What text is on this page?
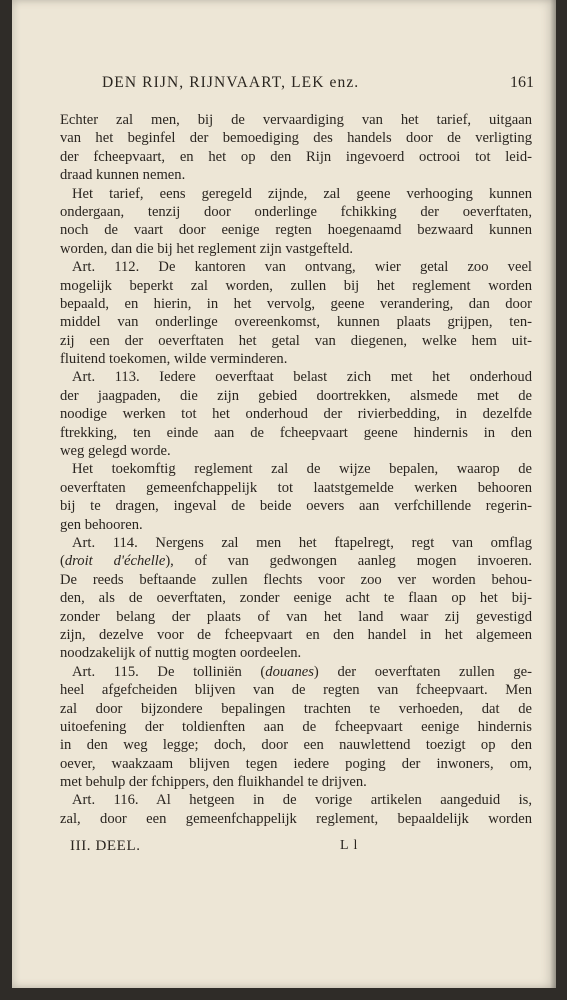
DEN RIJN, RIJNVAART, LEK enz.	161
Echter zal men, bij de vervaardiging van het tarief, uitgaan
van het beginfel der bemoediging des handels door de verligting
der fcheepvaart, en het op den Rijn ingevoerd octrooi tot leid-
draad kunnen nemen.
Het tarief, eens geregeld zijnde, zal geene verhooging kunnen
ondergaan, tenzij door onderlinge fchikking der oeverftaten,
noch de vaart door eenige regten hoegenaamd bezwaard kunnen
worden, dan die bij het reglement zijn vastgefteld.
Art. 112. De kantoren van ontvang, wier getal zoo veel
mogelijk beperkt zal worden, zullen bij het reglement worden
bepaald, en hierin, in het vervolg, geene verandering, dan door
middel van onderlinge overeenkomst, kunnen plaats grijpen, ten-
zij een der oeverftaten het getal van diegenen, welke hem uit-
fluitend toekomen, wilde verminderen.
Art. 113. Iedere oeverftaat belast zich met het onderhoud
der jaagpaden, die zijn gebied doortrekken, alsmede met de
noodige werken tot het onderhoud der rivierbedding, in dezelfde
ftrekking, ten einde aan de fcheepvaart geene hindernis in den
weg gelegd worde.
Het toekomftig reglement zal de wijze bepalen, waarop de
oeverftaten gemeenfchappelijk tot laatstgemelde werken behooren
bij te dragen, ingeval de beide oevers aan verfchillende regerin-
gen behooren.
Art. 114. Nergens zal men het ftapelregt, regt van omflag
(droit d'échelle), of van gedwongen aanleg mogen invoeren.
De reeds beftaande zullen flechts voor zoo ver worden behou-
den, als de oeverftaten, zonder eenige acht te flaan op het bij-
zonder belang der plaats of van het land waar zij gevestigd
zijn, dezelve voor de fcheepvaart en den handel in het algemeen
noodzakelijk of nuttig mogten oordeelen.
Art. 115. De tolliniën (douanes) der oeverftaten zullen ge-
heel afgefcheiden blijven van de regten van fcheepvaart. Men
zal door bijzondere bepalingen trachten te verhoeden, dat de
uitoefening der toldienften aan de fcheepvaart eenige hindernis
in den weg legge; doch, door een nauwlettend toezigt op den
oever, waakzaam blijven tegen iedere poging der inwoners, om,
met behulp der fchippers, den fluikhandel te drijven.
Art. 116. Al hetgeen in de vorige artikelen aangeduid is,
zal, door een gemeenfchappelijk reglement, bepaaldelijk worden
III. DEEL.	L l
